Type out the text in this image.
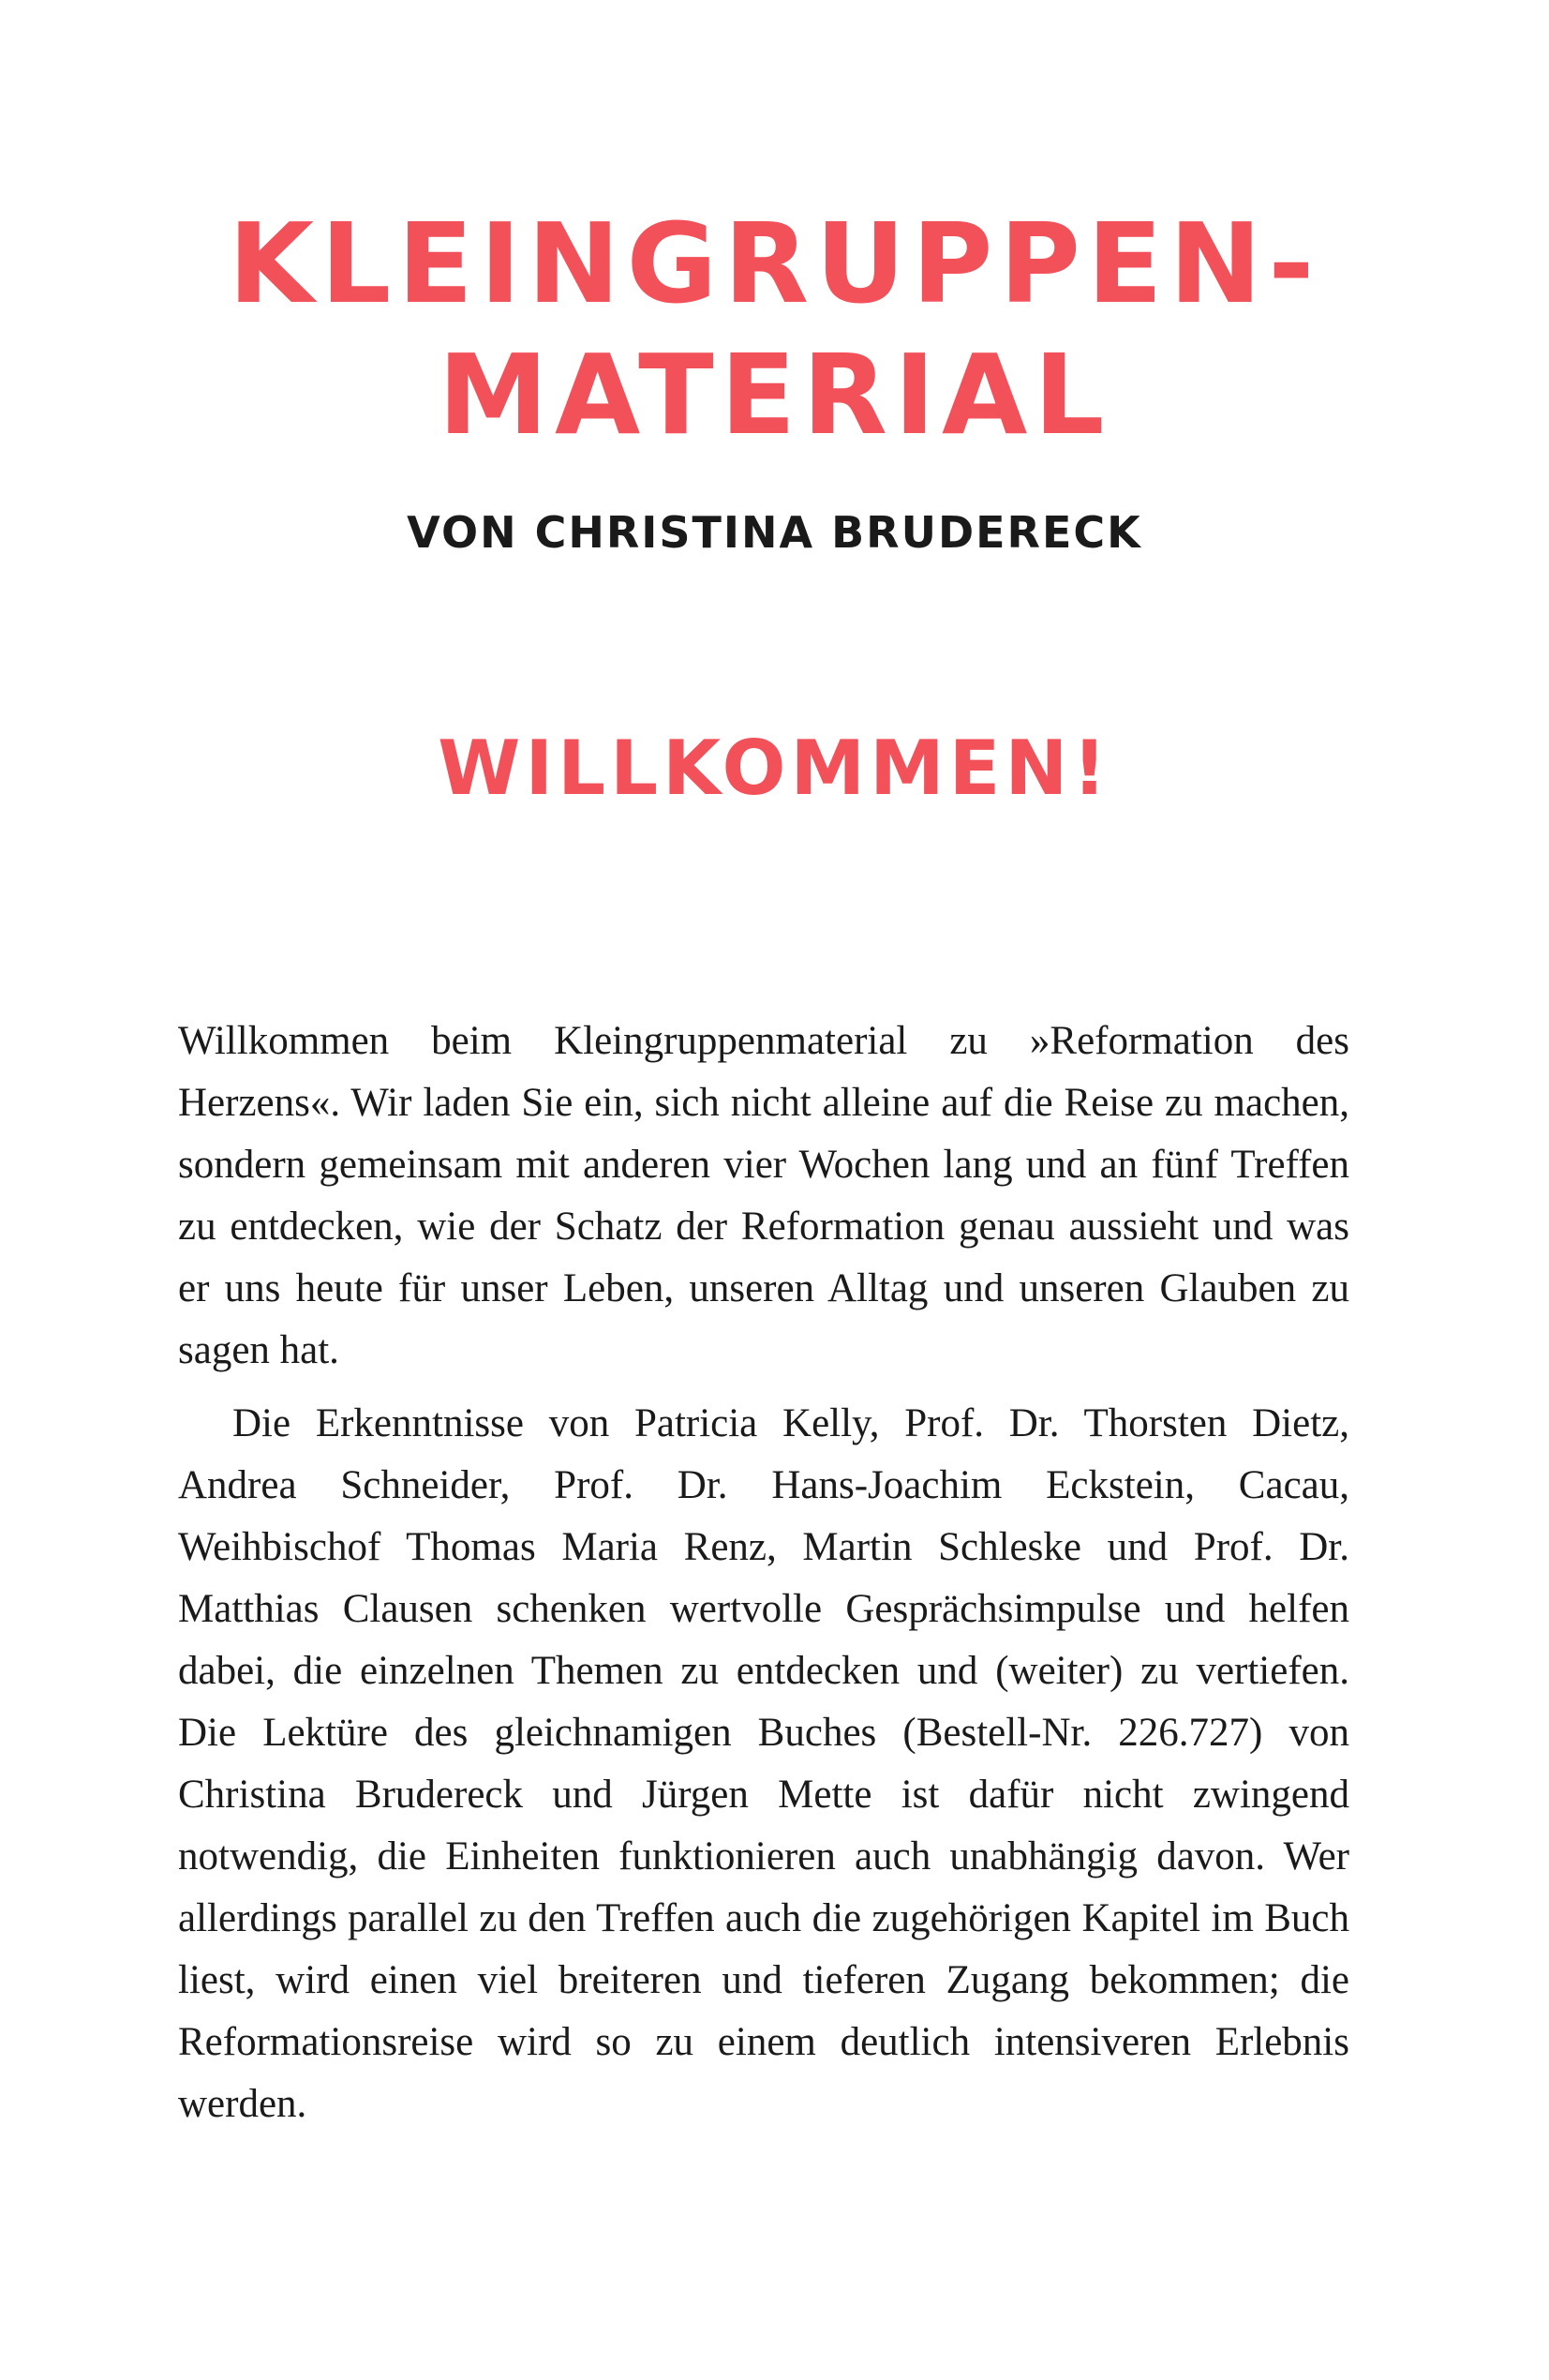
KLEINGRUPPEN-
MATERIAL
VON CHRISTINA BRUDERECK
WILLKOMMEN!

Willkommen beim Kleingruppenmaterial zu »Reformation des Herzens«. Wir laden Sie ein, sich nicht alleine auf die Reise zu machen, sondern gemeinsam mit anderen vier Wochen lang und an fünf Treffen zu entdecken, wie der Schatz der Reformation genau aussieht und was er uns heute für unser Leben, unseren Alltag und unseren Glauben zu sagen hat.

Die Erkenntnisse von Patricia Kelly, Prof. Dr. Thorsten Dietz, Andrea Schneider, Prof. Dr. Hans-Joachim Eckstein, Cacau, Weihbischof Thomas Maria Renz, Martin Schleske und Prof. Dr. Matthias Clausen schenken wertvolle Gesprächsimpulse und helfen dabei, die einzelnen Themen zu entdecken und (weiter) zu vertiefen. Die Lektüre des gleichnamigen Buches (Bestell-Nr. 226.727) von Christina Brudereck und Jürgen Mette ist dafür nicht zwingend notwendig, die Einheiten funktionieren auch unabhängig davon. Wer allerdings parallel zu den Treffen auch die zugehörigen Kapitel im Buch liest, wird einen viel breiteren und tieferen Zugang bekommen; die Reformationsreise wird so zu einem deutlich intensiveren Erlebnis werden.
